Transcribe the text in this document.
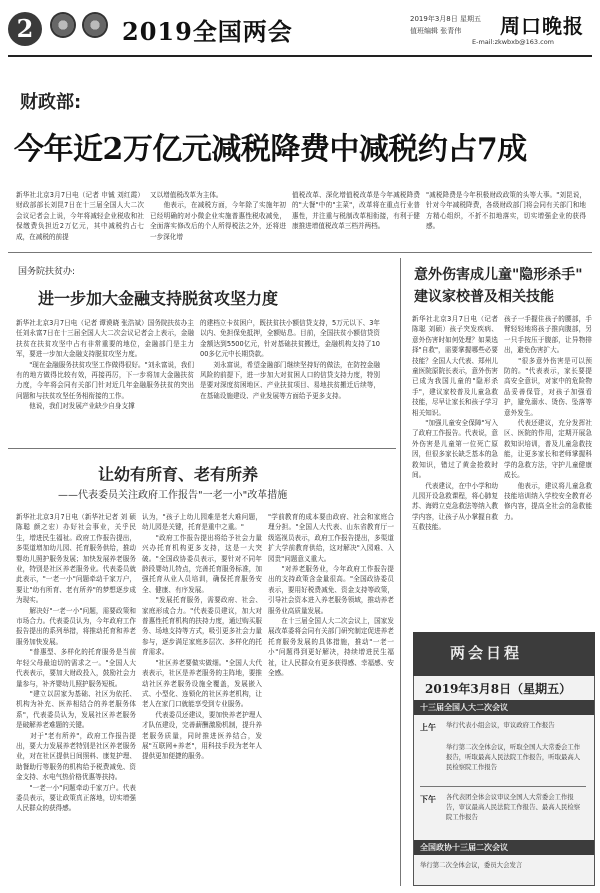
2	2019全国两会	2019年3月8日 星期五
值班编辑 张青伟
E-mail:zkwbxb@163.com
周口晚报
财政部:
今年近2万亿元减税降费中减税约占7成
新华社北京3月7日电（记者 申铖 刘红霞）财政部部长刘昆7日在十三届全国人大二次会议记者会上说，今年将减轻企业税收和社保缴费负担近2万亿元，其中减税约占七成，在减税的前提
又以增值税改革为主体。
　　他表示，在减税方面，今年除了实施年初已经明确的对小微企业实施普惠性税收减免，全面落实修改后的个人所得税法之外，还将进一步深化增
值税改革、深化增值税改革是今年减税降费的"大餐"中的"主菜"，改革将在重点行业普惠性，并注重与税制改革相衔接，有利于健康推进增值税改革三档并两档。
"减税降费是今年积极财政政策的头等大事。"刘昆说，针对今年减税降费，各级财政部门将会同有关部门和地方精心组织，不折不扣地落实，切实增强企业的获得感。
国务院扶贫办:
进一步加大金融支持脱贫攻坚力度
新华社北京3月7日电（记者 谭谟晓 张浩斌）国务院扶贫办主任刘永富7日在十三届全国人大二次会议记者会上表示，金融扶贫在扶贫攻坚中占有非常重要的地位，金融部门是主力军，要进一步加大金融支持脱贫攻坚力度。
　　"现在金融服务扶贫攻坚工作做得很好。"刘永富说，我们有的地方做得比较有效，再接再厉，下一步将加大金融扶贫力度，今年将会同有关部门针对近几年金融服务扶贫的突出问题和与扶贫攻坚任务相衔接的工作。
　　他说，我们对发展产业缺少自身支撑
的建档立卡贫困户，既扶贫扶小额信贷支持，5万元以下、3年以内、免担保免抵押，全额贴息。目前，全国扶贫小额信贷资金额达到5500亿元，针对基础扶贫搬迁，金融机构支持了1000多亿元中长期贷款。
　　刘永富说，希望金融部门继续坚持好的做法，在防控金融风险的前提下，进一步加大对贫困人口的信贷支持力度，特别是要对深度贫困地区、产业扶贫项目、易地扶贫搬迁后续等，在基础设施建设、产业发展等方面给予更多支持。
让幼有所育、老有所养
——代表委员关注政府工作报告"一老一小"改革措施
新华社北京3月7日电（新华社记者 刘 硕 陈聪 颜之宏）办好社会事业，关乎民生，增进民生福祉。政府工作报告提出，多渠道增加幼儿园、托育服务供给，推动婴幼儿照护服务发展；加快发展养老服务业，特别是社区养老服务业。代表委员就此表示，"一老一小"问题牵动千家万户，要让"幼有所育、老有所养"的梦想逐步成为现实。
　　解决好"一老一小"问题，需要政策和市场合力。代表委员认为，今年政府工作报告提出的系列举措，将推动托育和养老服务加快发展。
　　"普惠型、多样化的托育服务是当前年轻父母最迫切的需求之一。"全国人大代表表示，要加大财政投入，鼓励社会力量参与，补齐婴幼儿照护服务短板。
　　"建立以居家为基础、社区为依托、机构为补充、医养相结合的养老服务体系"，代表委员认为，发展社区养老服务是破解养老难题的关键。
　　对于"老有所养"，政府工作报告提出，要大力发展养老特别是社区养老服务业，对在社区提供日间照料、康复护理、助餐助行等服务的机构给予税费减免、资金支持、水电气热价格优惠等扶持。
　　"一老一小"问题牵动千家万户。代表委员表示，要让政策真正落地，切实增强人民群众的获得感。
认为，"孩子上幼儿园难是老大难问题，幼儿园是关键，托育是重中之重。"
　　"政府工作报告提出将给予社会力量兴办托育机构更多支持，这是一大突破。"全国政协委员表示，要针对不同年龄段婴幼儿特点，完善托育服务标准，加强托育从业人员培训，确保托育服务安全、健康、有序发展。
　　"发展托育服务，需要政府、社会、家庭形成合力。"代表委员建议，加大对普惠性托育机构的扶持力度，通过购买服务、场地支持等方式，吸引更多社会力量参与，逐步满足家庭多层次、多样化的托育需求。
　　"社区养老要做实做细。"全国人大代表表示，社区是养老服务的主阵地，要推动社区养老服务设施全覆盖，发展嵌入式、小型化、连锁化的社区养老机构，让老人在家门口就能享受到专业服务。
　　代表委员还建议，要加快养老护理人才队伍建设，完善薪酬激励机制，提升养老服务质量，同时推进医养结合，发展"互联网+养老"，用科技手段为老年人提供更加便捷的服务。
"学前教育的成本要由政府、社会和家庭合理分担。"全国人大代表、山东省教育厅一级巡视员表示，政府工作报告提出，多渠道扩大学前教育供给，这对解决"入园难、入园贵"问题意义重大。
　　"对养老服务业，今年政府工作报告提出的支持政策含金量很高。"全国政协委员表示，要用好税费减免、资金支持等政策，引导社会资本进入养老服务领域，推动养老服务业高质量发展。
　　在十三届全国人大二次会议上，国家发展改革委将会同有关部门研究制定促进养老托育服务发展的具体措施，推动"一老一小"问题得到更好解决，持续增进民生福祉，让人民群众有更多获得感、幸福感、安全感。
意外伤害成儿童"隐形杀手"
建议家校普及相关技能
新华社北京3月7日电（记者 陈聪 刘硕）孩子突发疾病、意外伤害时如何处理？如果选择"自救"，需要掌握哪些必要技能？全国人大代表、郑州儿童医院原院长表示，意外伤害已成为我国儿童的"隐形杀手"，建议家校普及儿童急救技能，尽早让家长和孩子学习相关知识。
　　"加强儿童安全保障"写入了政府工作报告。代表说，意外伤害是儿童第一位死亡原因，但很多家长缺乏基本的急救知识，错过了黄金抢救时间。
　　代表建议，在中小学和幼儿园开设急救课程，将心肺复苏、海姆立克急救法等纳入教学内容，让孩子从小掌握自救互救技能。
孩子一手握住孩子的腰部，手臂轻轻地将孩子推向腹部，另一只手按压于腹部，让异物排出，避免伤害扩大。
　　"很多意外伤害是可以预防的。"代表表示，家长要提高安全意识，对家中的危险物品妥善保管，对孩子加强看护，避免溺水、烫伤、坠落等意外发生。
　　代表还建议，充分发挥社区、医院的作用，定期开展急救知识培训，普及儿童急救技能，让更多家长和老师掌握科学的急救方法，守护儿童健康成长。
　　他表示，建议将儿童急救技能培训纳入学校安全教育必修内容，提高全社会的急救能力。
两会日程
2019年3月8日（星期五）
十三届全国人大二次会议
上午 举行代表小组会议，审议政府工作报告
举行第二次全体会议，听取全国人大常委会工作报告，听取最高人民法院工作报告，听取最高人民检察院工作报告
下午 各代表团全体会议审议全国人大常委会工作报告，审议最高人民法院工作报告、最高人民检察院工作报告
全国政协十三届二次会议
举行第二次全体会议，委员大会发言
